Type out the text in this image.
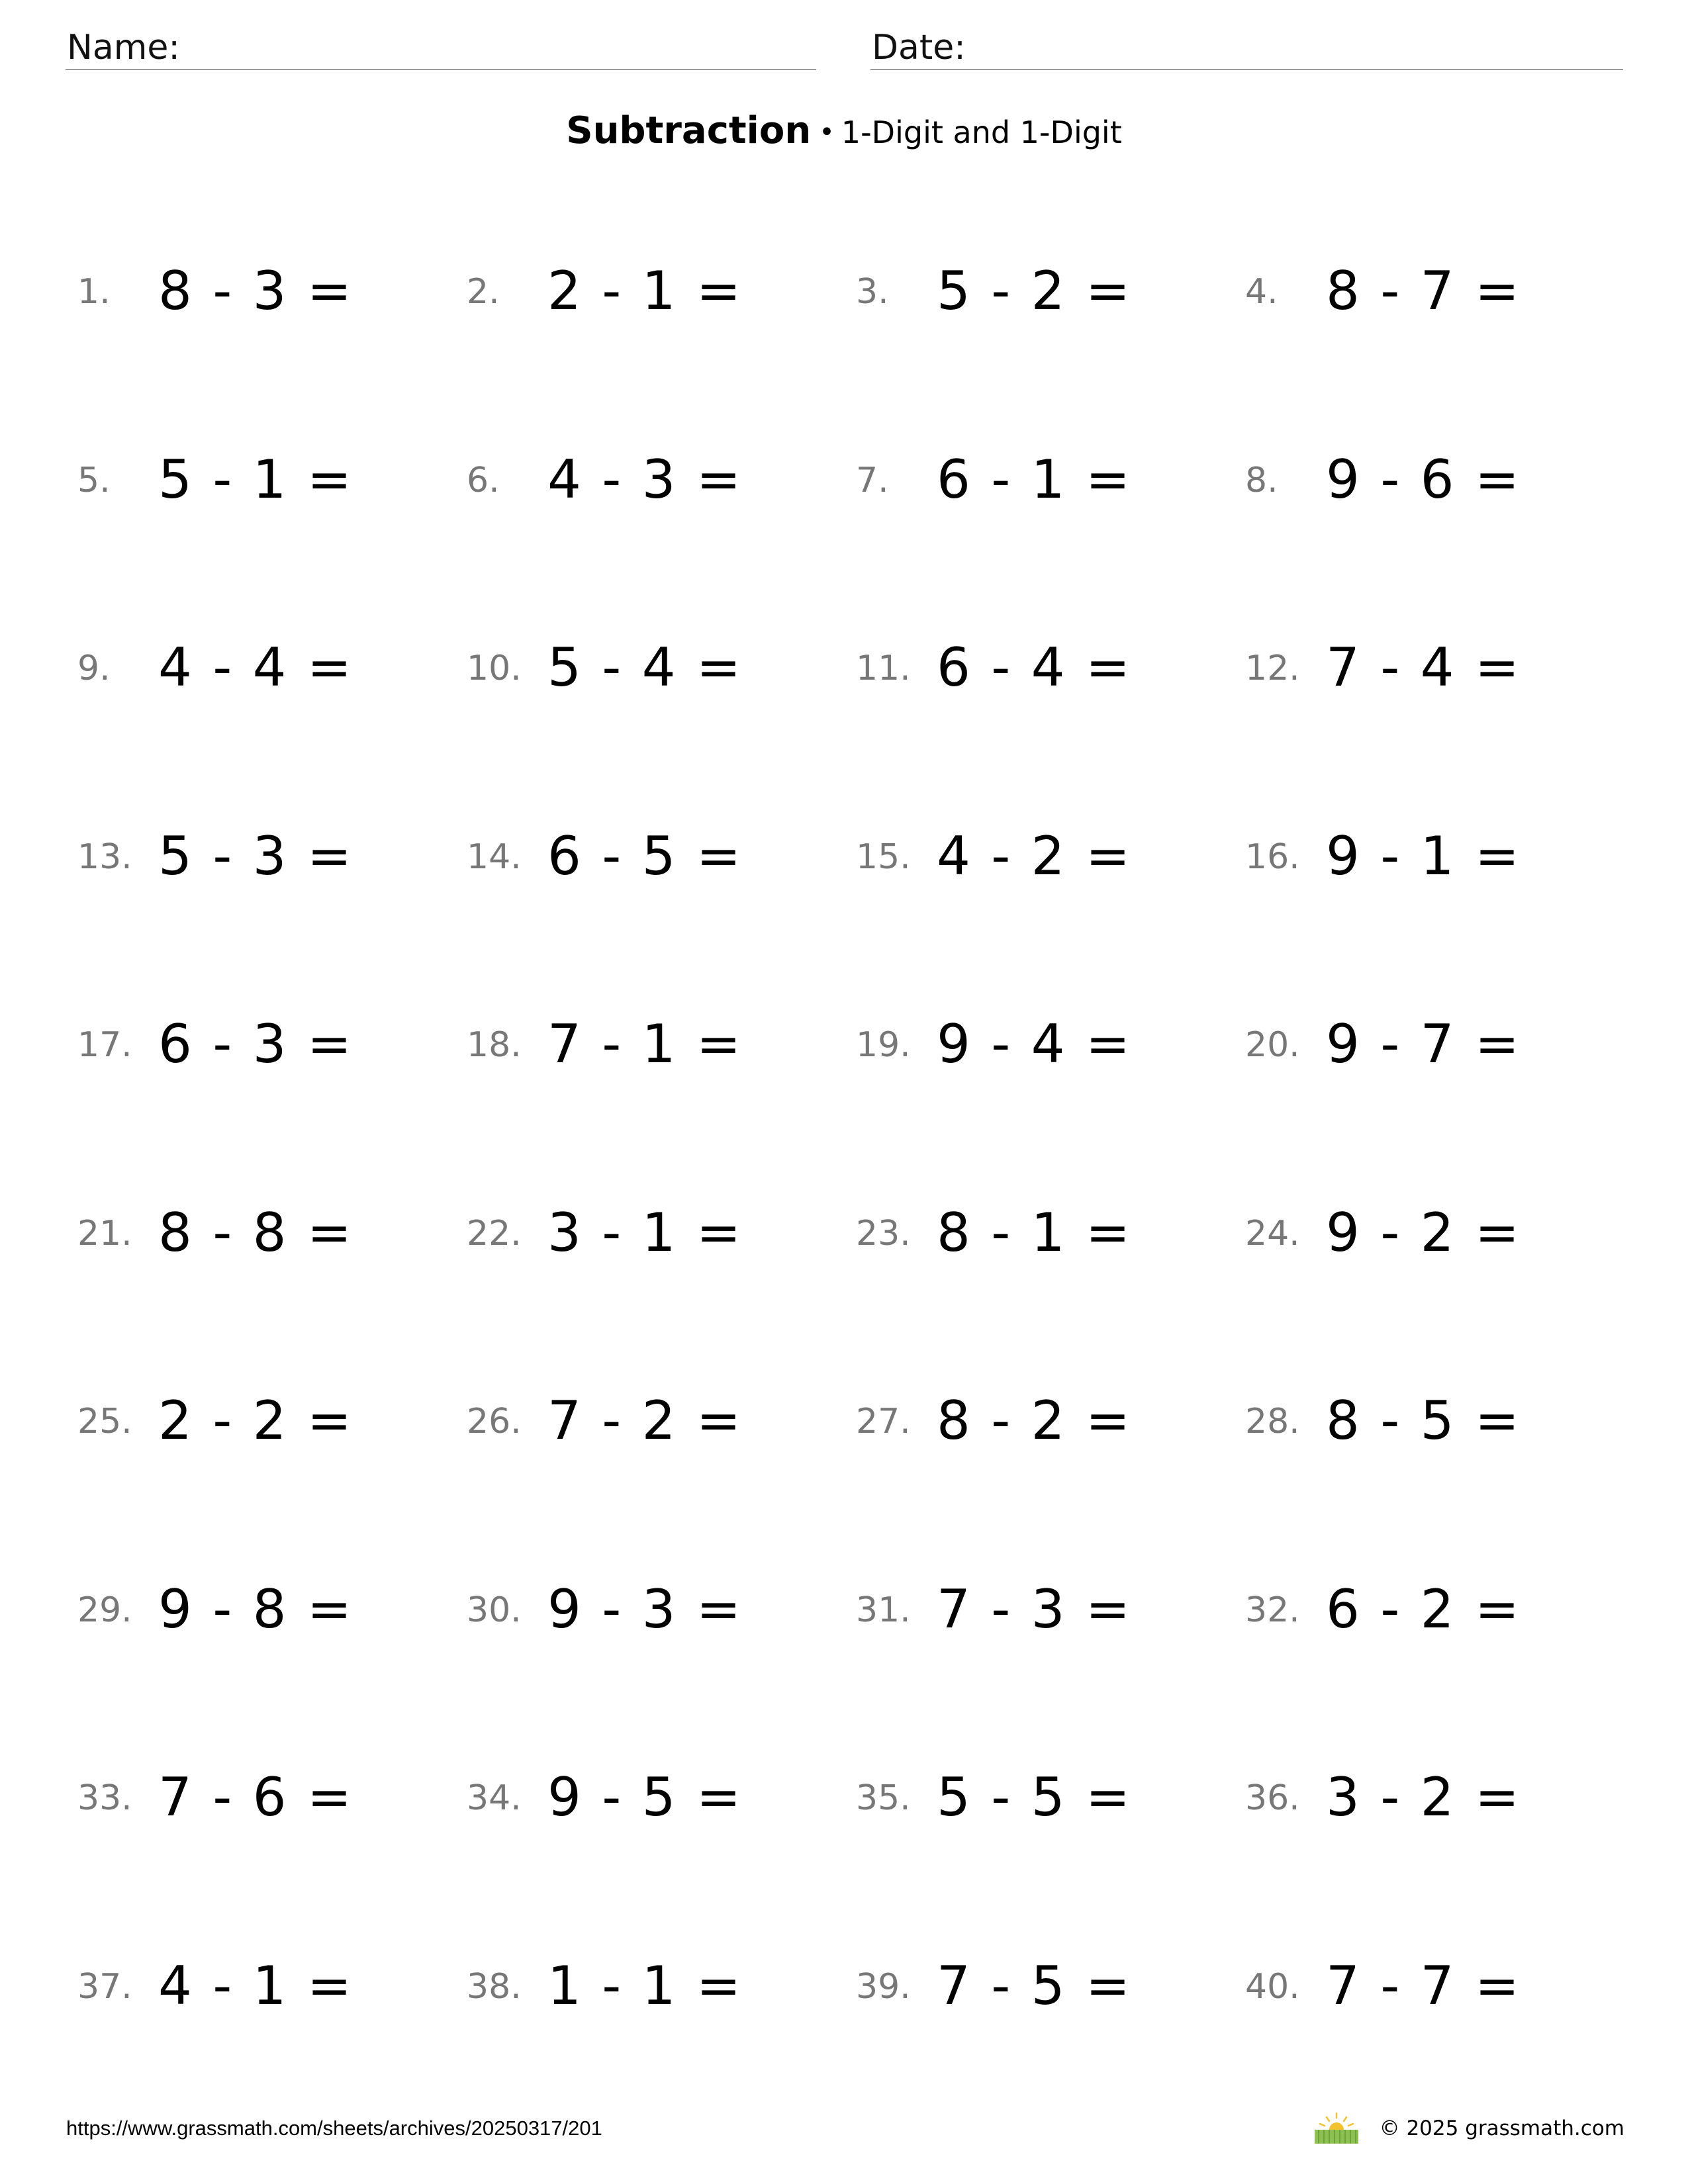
Name:	Date:
Subtraction • 1-Digit and 1-Digit
1. 8 - 3 =	2. 2 - 1 =	3. 5 - 2 =	4. 8 - 7 =
5. 5 - 1 =	6. 4 - 3 =	7. 6 - 1 =	8. 9 - 6 =
9. 4 - 4 =	10. 5 - 4 =	11. 6 - 4 =	12. 7 - 4 =
13. 5 - 3 =	14. 6 - 5 =	15. 4 - 2 =	16. 9 - 1 =
17. 6 - 3 =	18. 7 - 1 =	19. 9 - 4 =	20. 9 - 7 =
21. 8 - 8 =	22. 3 - 1 =	23. 8 - 1 =	24. 9 - 2 =
25. 2 - 2 =	26. 7 - 2 =	27. 8 - 2 =	28. 8 - 5 =
29. 9 - 8 =	30. 9 - 3 =	31. 7 - 3 =	32. 6 - 2 =
33. 7 - 6 =	34. 9 - 5 =	35. 5 - 5 =	36. 3 - 2 =
37. 4 - 1 =	38. 1 - 1 =	39. 7 - 5 =	40. 7 - 7 =
https://www.grassmath.com/sheets/archives/20250317/201	© 2025 grassmath.com
